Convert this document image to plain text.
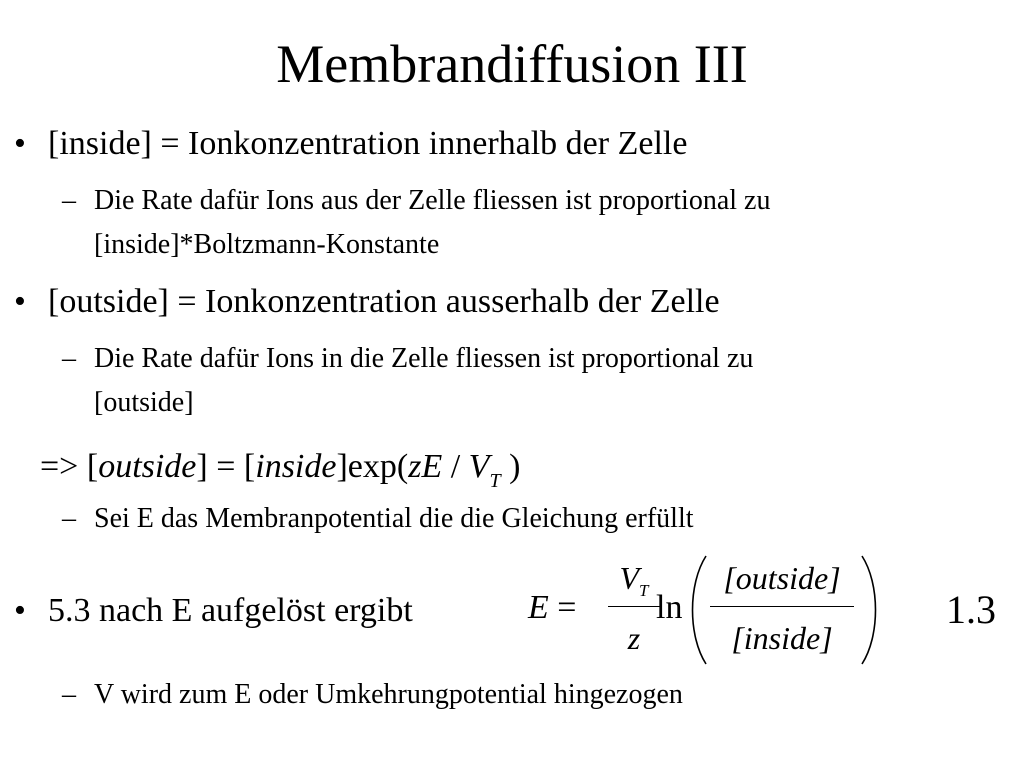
Membrandiffusion III
• [inside] = Ionkonzentration innerhalb der Zelle
– Die Rate dafür Ions aus der Zelle fliessen ist proportional zu
[inside]*Boltzmann-Konstante
• [outside] = Ionkonzentration ausserhalb der Zelle
– Die Rate dafür Ions in die Zelle fliessen ist proportional zu
[outside]
=> [outside] = [inside]exp(zE / $V_T$ )
– Sei E das Membranpotential die die Gleichung erfüllt
• 5.3 nach E aufgelöst ergibt	E =
$V_T$
z
ln
[outside]
[inside]
1.3
– V wird zum E oder Umkehrungpotential hingezogen
